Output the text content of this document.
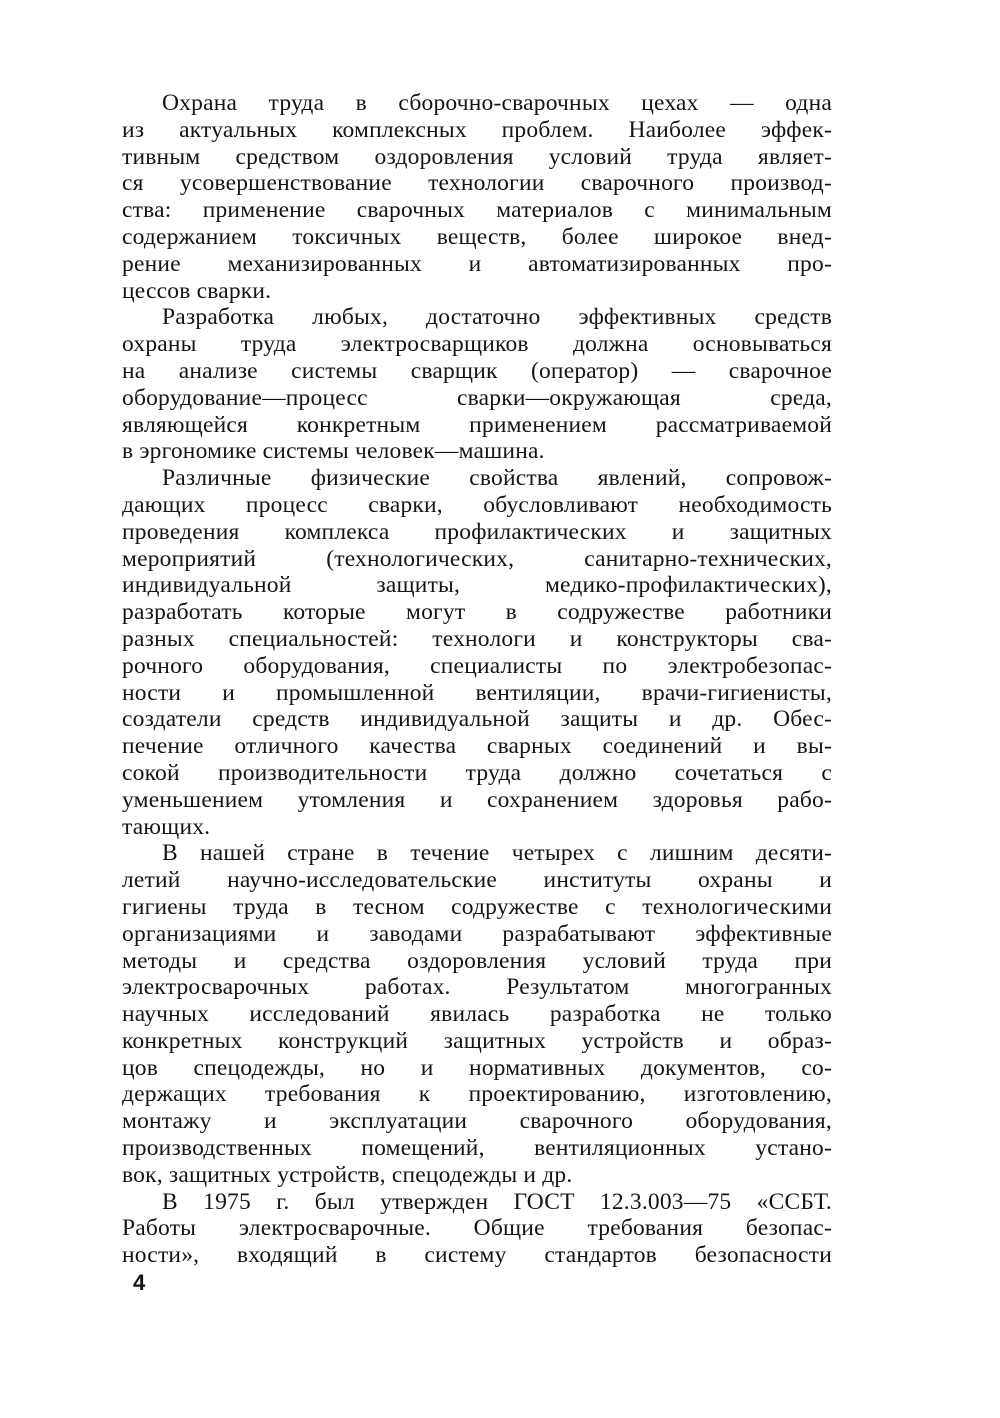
Охрана труда в сборочно-сварочных цехах — одна
из актуальных комплексных проблем. Наиболее эффек-
тивным средством оздоровления условий труда являет-
ся усовершенствование технологии сварочного производ-
ства: применение сварочных материалов с минимальным
содержанием токсичных веществ, более широкое внед-
рение механизированных и автоматизированных про-
цессов сварки.
Разработка любых, достаточно эффективных средств
охраны труда электросварщиков должна основываться
на анализе системы сварщик (оператор) — сварочное
оборудование—процесс сварки—окружающая среда,
являющейся конкретным применением рассматриваемой
в эргономике системы человек—машина.
Различные физические свойства явлений, сопровож-
дающих процесс сварки, обусловливают необходимость
проведения комплекса профилактических и защитных
мероприятий (технологических, санитарно-технических,
индивидуальной защиты, медико-профилактических),
разработать которые могут в содружестве работники
разных специальностей: технологи и конструкторы сва-
рочного оборудования, специалисты по электробезопас-
ности и промышленной вентиляции, врачи-гигиенисты,
создатели средств индивидуальной защиты и др. Обес-
печение отличного качества сварных соединений и вы-
сокой производительности труда должно сочетаться с
уменьшением утомления и сохранением здоровья рабо-
тающих.
В нашей стране в течение четырех с лишним десяти-
летий научно-исследовательские институты охраны и
гигиены труда в тесном содружестве с технологическими
организациями и заводами разрабатывают эффективные
методы и средства оздоровления условий труда при
электросварочных работах. Результатом многогранных
научных исследований явилась разработка не только
конкретных конструкций защитных устройств и образ-
цов спецодежды, но и нормативных документов, со-
держащих требования к проектированию, изготовлению,
монтажу и эксплуатации сварочного оборудования,
производственных помещений, вентиляционных устано-
вок, защитных устройств, спецодежды и др.
В 1975 г. был утвержден ГОСТ 12.3.003—75 «ССБТ.
Работы электросварочные. Общие требования безопас-
ности», входящий в систему стандартов безопасности
4
